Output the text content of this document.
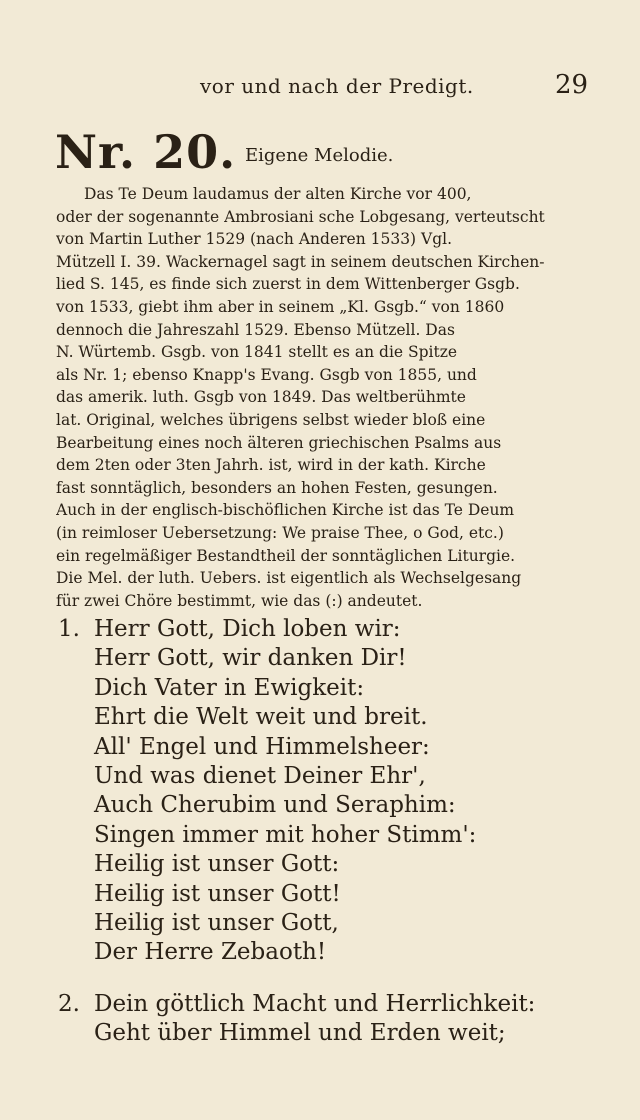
vor und nach der Predigt.	29
Nr. 20. Eigene Melodie.
Das Te Deum laudamus der alten Kirche vor 400,
oder der sogenannte Ambrosiani sche Lobgesang, verteutscht
von Martin Luther 1529 (nach Anderen 1533) Vgl.
Mützell I. 39. Wackernagel sagt in seinem deutschen Kirchen-
lied S. 145, es finde sich zuerst in dem Wittenberger Gsgb.
von 1533, giebt ihm aber in seinem „Kl. Gsgb.“ von 1860
dennoch die Jahreszahl 1529. Ebenso Mützell. Das
N. Würtemb. Gsgb. von 1841 stellt es an die Spitze
als Nr. 1; ebenso Knapp's Evang. Gsgb von 1855, und
das amerik. luth. Gsgb von 1849. Das weltberühmte
lat. Original, welches übrigens selbst wieder bloß eine
Bearbeitung eines noch älteren griechischen Psalms aus
dem 2ten oder 3ten Jahrh. ist, wird in der kath. Kirche
fast sonntäglich, besonders an hohen Festen, gesungen.
Auch in der englisch-bischöflichen Kirche ist das Te Deum
(in reimloser Uebersetzung: We praise Thee, o God, etc.)
ein regelmäßiger Bestandtheil der sonntäglichen Liturgie.
Die Mel. der luth. Uebers. ist eigentlich als Wechselgesang
für zwei Chöre bestimmt, wie das (:) andeutet.
1. Herr Gott, Dich loben wir:
Herr Gott, wir danken Dir!
Dich Vater in Ewigkeit:
Ehrt die Welt weit und breit.
All' Engel und Himmelsheer:
Und was dienet Deiner Ehr',
Auch Cherubim und Seraphim:
Singen immer mit hoher Stimm':
Heilig ist unser Gott:
Heilig ist unser Gott!
Heilig ist unser Gott,
Der Herre Zebaoth!
2. Dein göttlich Macht und Herrlichkeit:
Geht über Himmel und Erden weit;
